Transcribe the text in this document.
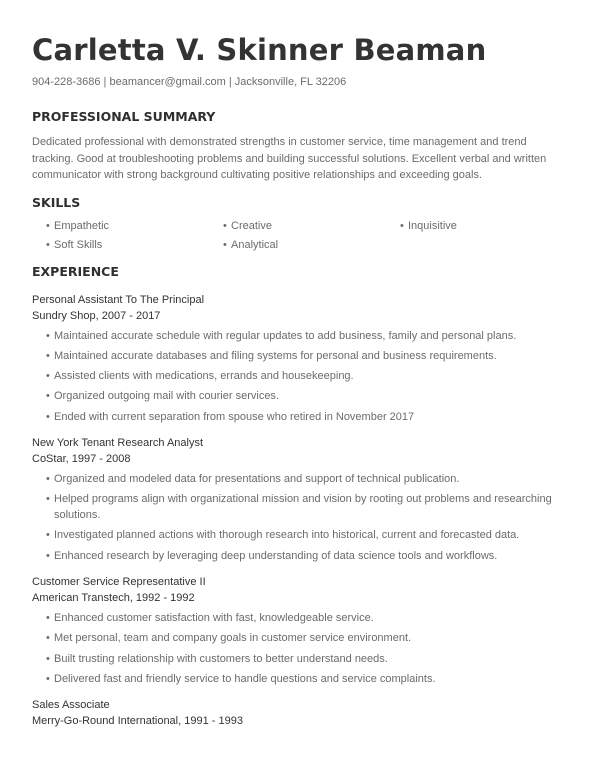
Carletta V. Skinner Beaman
904-228-3686 | beamancer@gmail.com | Jacksonville, FL 32206
PROFESSIONAL SUMMARY
Dedicated professional with demonstrated strengths in customer service, time management and trend tracking. Good at troubleshooting problems and building successful solutions. Excellent verbal and written communicator with strong background cultivating positive relationships and exceeding goals.
SKILLS
• Empathetic	• Creative	• Inquisitive
• Soft Skills	• Analytical
EXPERIENCE
Personal Assistant To The Principal
Sundry Shop, 2007 - 2017
• Maintained accurate schedule with regular updates to add business, family and personal plans.
• Maintained accurate databases and filing systems for personal and business requirements.
• Assisted clients with medications, errands and housekeeping.
• Organized outgoing mail with courier services.
• Ended with current separation from spouse who retired in November 2017
New York Tenant Research Analyst
CoStar, 1997 - 2008
• Organized and modeled data for presentations and support of technical publication.
• Helped programs align with organizational mission and vision by rooting out problems and researching solutions.
• Investigated planned actions with thorough research into historical, current and forecasted data.
• Enhanced research by leveraging deep understanding of data science tools and workflows.
Customer Service Representative II
American Transtech, 1992 - 1992
• Enhanced customer satisfaction with fast, knowledgeable service.
• Met personal, team and company goals in customer service environment.
• Built trusting relationship with customers to better understand needs.
• Delivered fast and friendly service to handle questions and service complaints.
Sales Associate
Merry-Go-Round International, 1991 - 1993
